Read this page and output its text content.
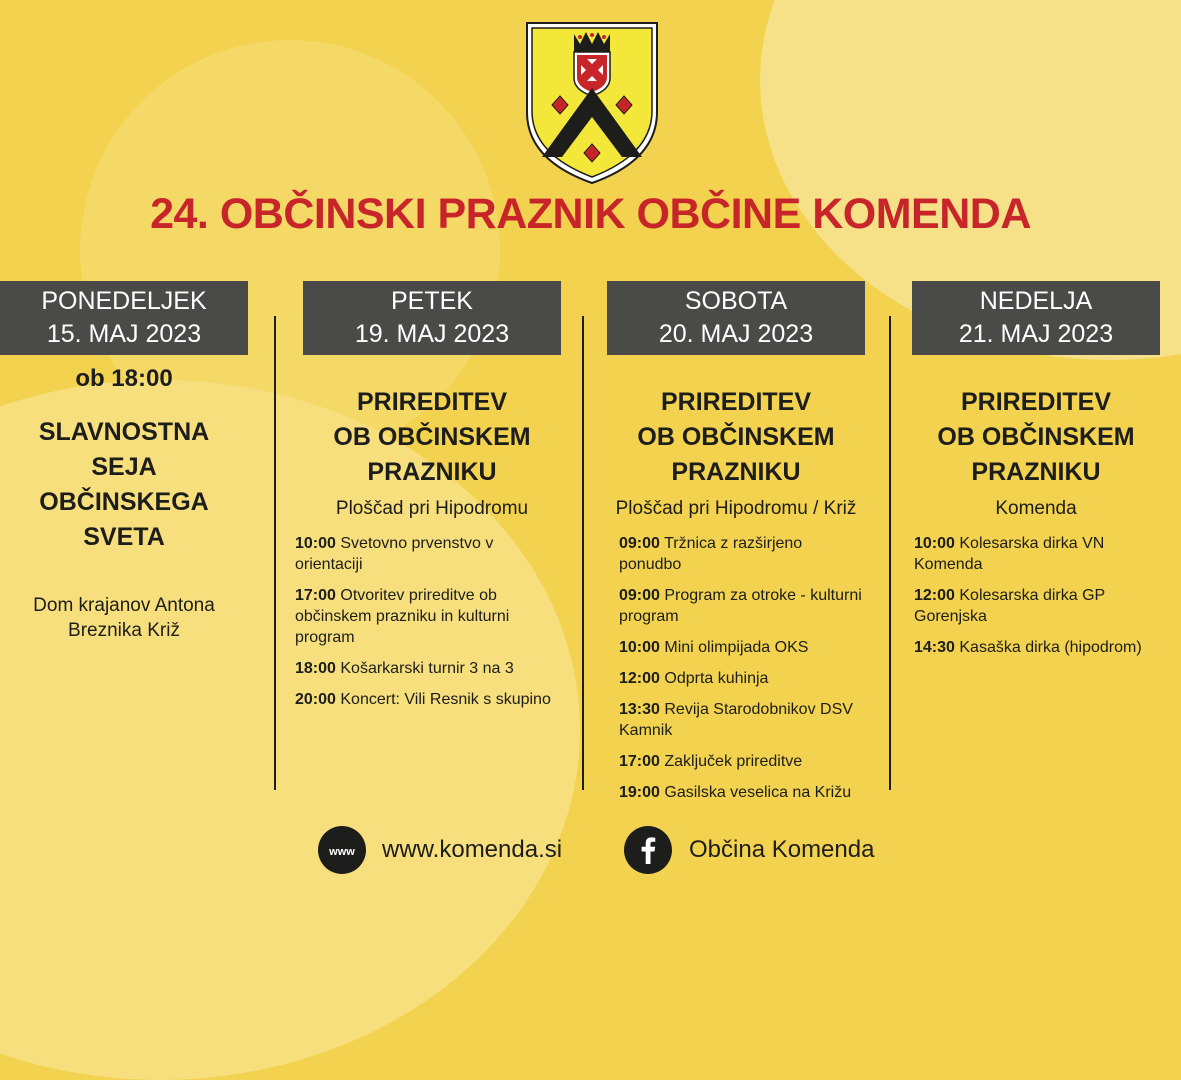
24. OBČINSKI PRAZNIK OBČINE KOMENDA
PONEDELJEK
15. MAJ 2023
ob 18:00
SLAVNOSTNA
SEJA
OBČINSKEGA
SVETA
Dom krajanov Antona
Breznika Križ
PETEK
19. MAJ 2023
PRIREDITEV
OB OBČINSKEM
PRAZNIKU
Ploščad pri Hipodromu
10:00 Svetovno prvenstvo v orientaciji
17:00 Otvoritev prireditve ob občinskem prazniku in kulturni program
18:00 Košarkarski turnir 3 na 3
20:00 Koncert: Vili Resnik s skupino
SOBOTA
20. MAJ 2023
PRIREDITEV
OB OBČINSKEM
PRAZNIKU
Ploščad pri Hipodromu / Križ
09:00 Tržnica z razširjeno ponudbo
09:00 Program za otroke - kulturni program
10:00 Mini olimpijada OKS
12:00 Odprta kuhinja
13:30 Revija Starodobnikov DSV Kamnik
17:00 Zaključek prireditve
19:00 Gasilska veselica na Križu
NEDELJA
21. MAJ 2023
PRIREDITEV
OB OBČINSKEM
PRAZNIKU
Komenda
10:00 Kolesarska dirka VN Komenda
12:00 Kolesarska dirka GP Gorenjska
14:30 Kasaška dirka (hipodrom)
www	www.komenda.si	Občina Komenda
